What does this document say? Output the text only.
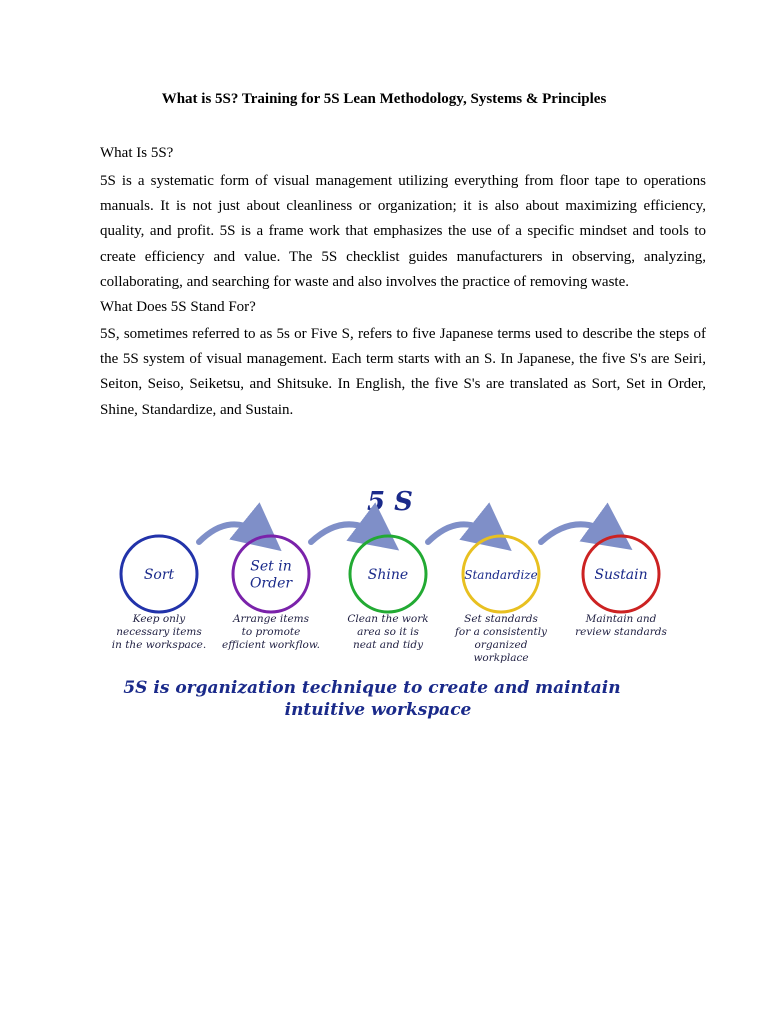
What is 5S? Training for 5S Lean Methodology, Systems & Principles
What Is 5S?
5S is a systematic form of visual management utilizing everything from floor tape to operations manuals. It is not just about cleanliness or organization; it is also about maximizing efficiency, quality, and profit. 5S is a frame work that emphasizes the use of a specific mindset and tools to create efficiency and value. The 5S checklist guides manufacturers in observing, analyzing, collaborating, and searching for waste and also involves the practice of removing waste.
What Does 5S Stand For?
5S, sometimes referred to as 5s or Five S, refers to five Japanese terms used to describe the steps of the 5S system of visual management. Each term starts with an S. In Japanese, the five S's are Seiri, Seiton, Seiso, Seiketsu, and Shitsuke. In English, the five S's are translated as Sort, Set in Order, Shine, Standardize, and Sustain.
5 S
Sort
Keep only
necessary items
in the workspace.
Set in
Order
Arrange items
to promote
efficient workflow.
Shine
Clean the work
area so it is
neat and tidy
Standardize
Set standards
for a consistently
organized
workplace
Sustain
Maintain and
review standards
5S is organization technique to create and maintain
intuitive workspace
